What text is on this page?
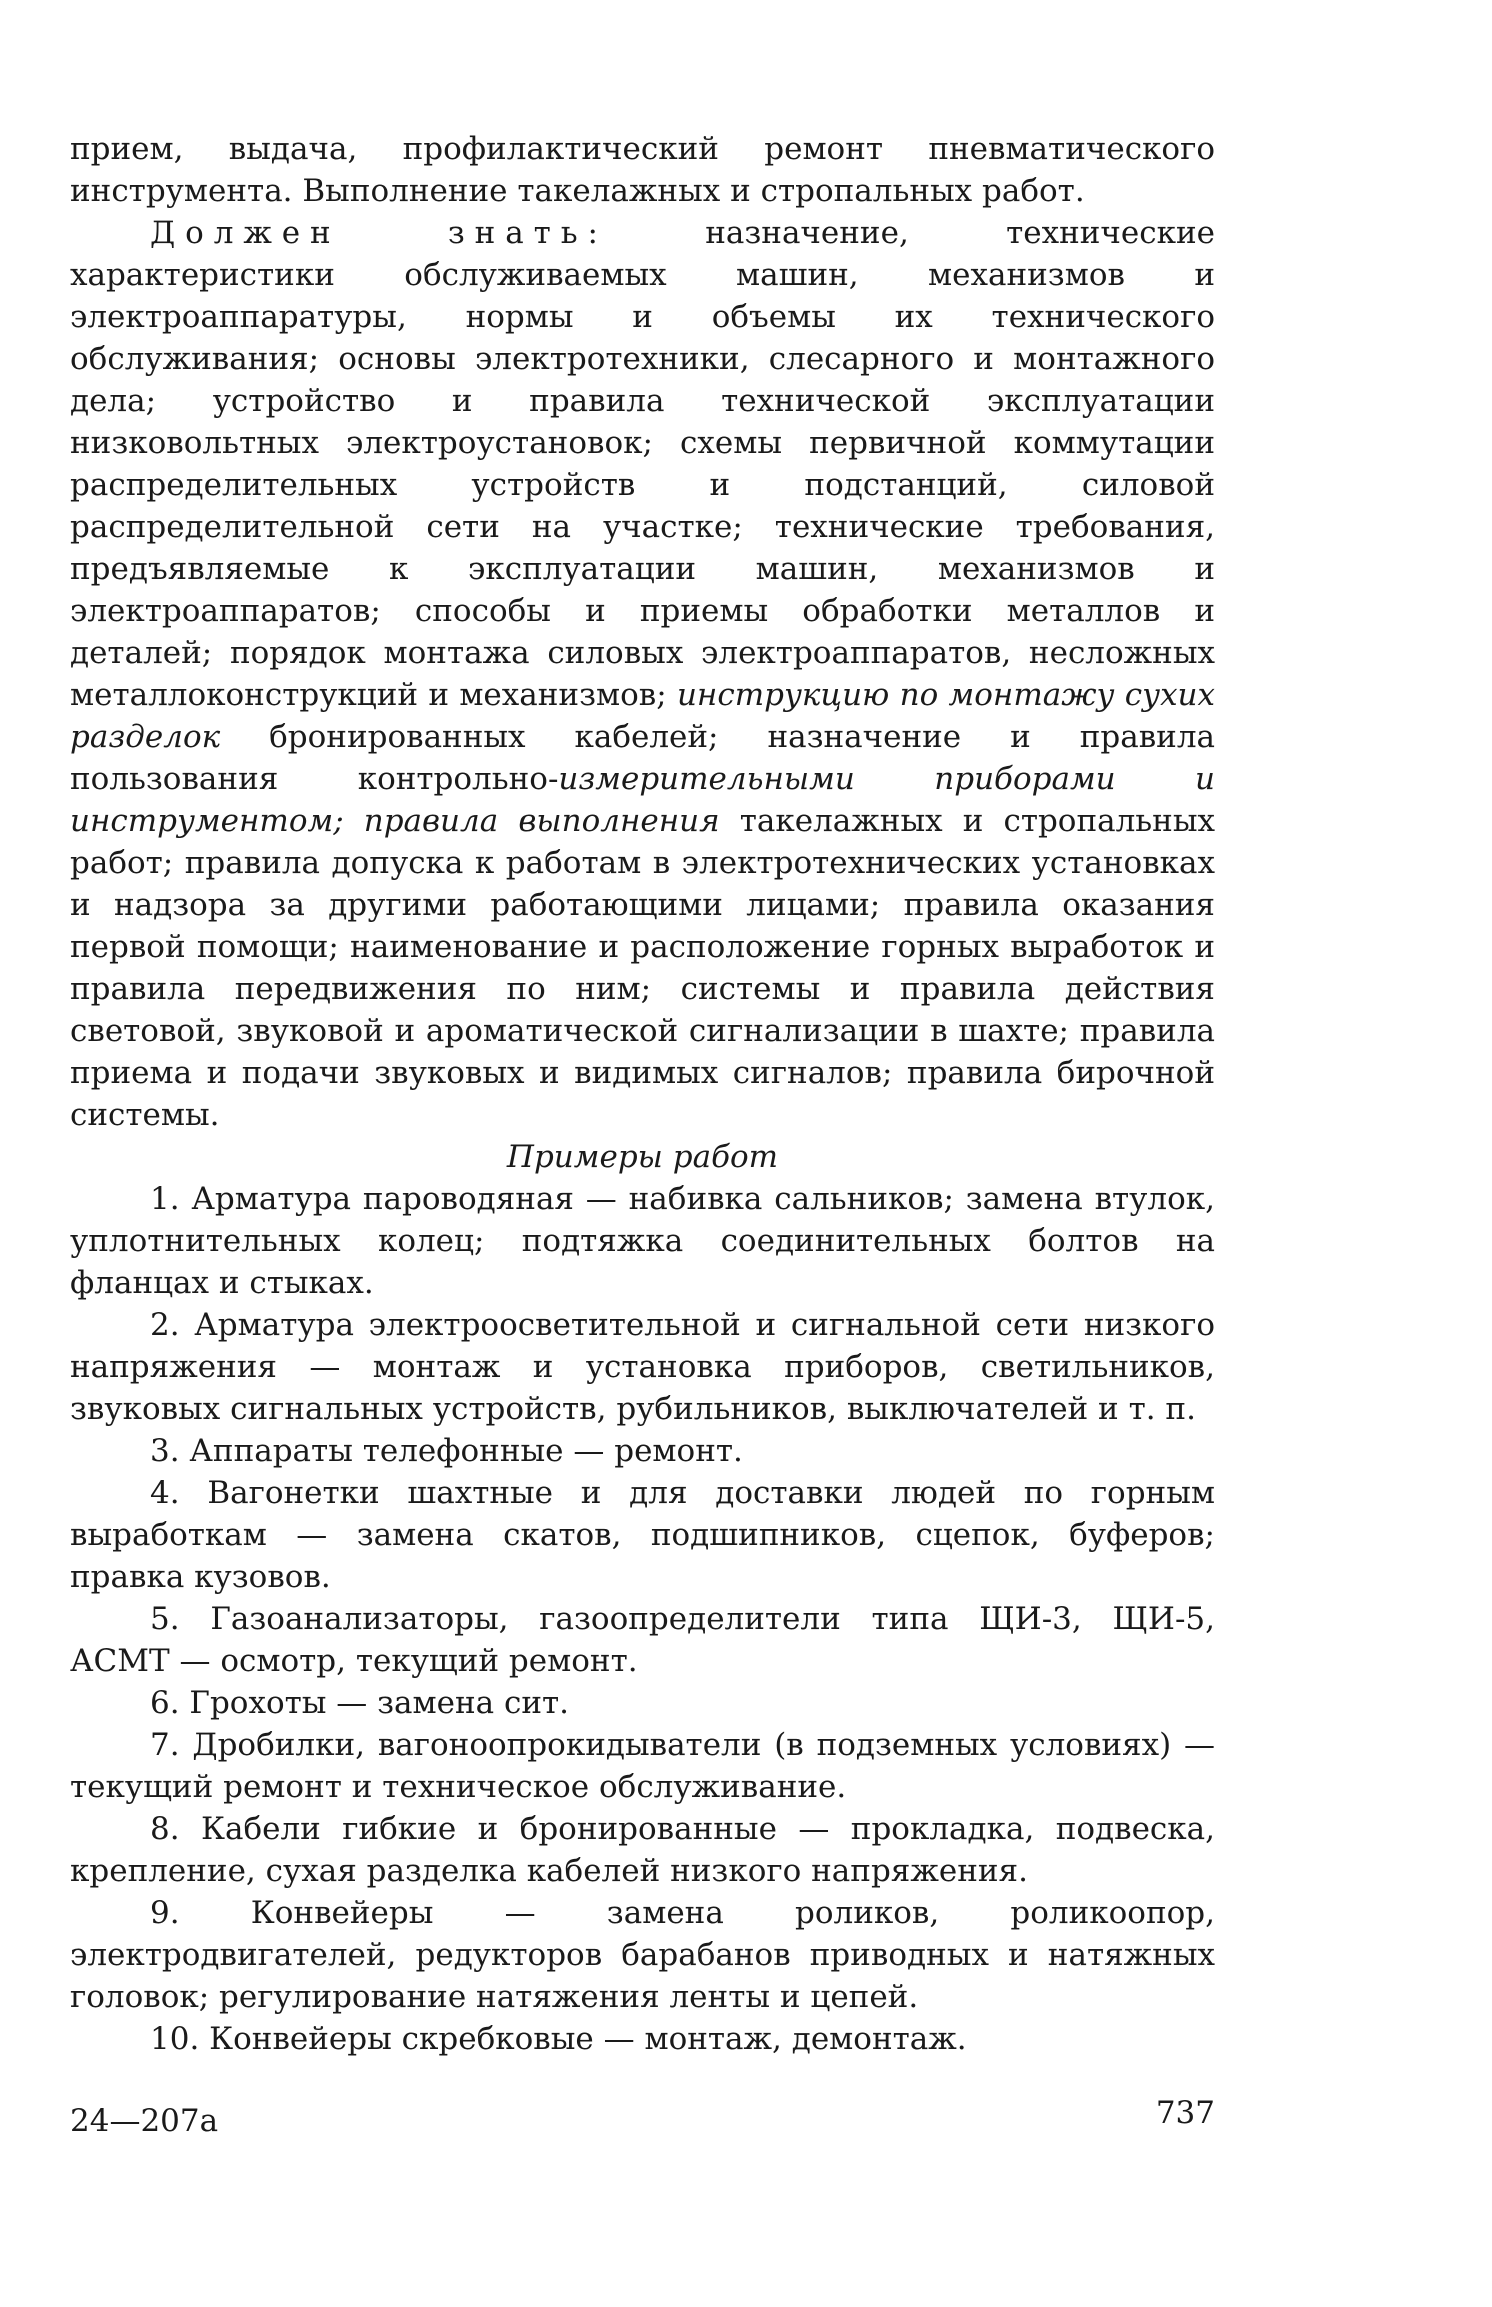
прием, выдача, профилактический ремонт пневматического инструмента. Выполнение такелажных и стропальных работ.

Должен знать: назначение, технические характеристики обслуживаемых машин, механизмов и электроаппаратуры, нормы и объемы их технического обслуживания; основы электротехники, слесарного и монтажного дела; устройство и правила технической эксплуатации низковольтных электроустановок; схемы первичной коммутации распределительных устройств и подстанций, силовой распределительной сети на участке; технические требования, предъявляемые к эксплуатации машин, механизмов и электроаппаратов; способы и приемы обработки металлов и деталей; порядок монтажа силовых электроаппаратов, несложных металлоконструкций и механизмов; инструкцию по монтажу сухих разделок бронированных кабелей; назначение и правила пользования контрольно-измерительными приборами и инструментом; правила выполнения такелажных и стропальных работ; правила допуска к работам в электротехнических установках и надзора за другими работающими лицами; правила оказания первой помощи; наименование и расположение горных выработок и правила передвижения по ним; системы и правила действия световой, звуковой и ароматической сигнализации в шахте; правила приема и подачи звуковых и видимых сигналов; правила бирочной системы.

Примеры работ

1. Арматура пароводяная — набивка сальников; замена втулок, уплотнительных колец; подтяжка соединительных болтов на фланцах и стыках.

2. Арматура электроосветительной и сигнальной сети низкого напряжения — монтаж и установка приборов, светильников, звуковых сигнальных устройств, рубильников, выключателей и т. п.

3. Аппараты телефонные — ремонт.

4. Вагонетки шахтные и для доставки людей по горным выработкам — замена скатов, подшипников, сцепок, буферов; правка кузовов.

5. Газоанализаторы, газоопределители типа ЩИ-3, ЩИ-5, АСМТ — осмотр, текущий ремонт.

6. Грохоты — замена сит.

7. Дробилки, вагоноопрокидыватели (в подземных условиях) — текущий ремонт и техническое обслуживание.

8. Кабели гибкие и бронированные — прокладка, подвеска, крепление, сухая разделка кабелей низкого напряжения.

9. Конвейеры — замена роликов, роликоопор, электродвигателей, редукторов барабанов приводных и натяжных головок; регулирование натяжения ленты и цепей.

10. Конвейеры скребковые — монтаж, демонтаж.

24—207а	737
